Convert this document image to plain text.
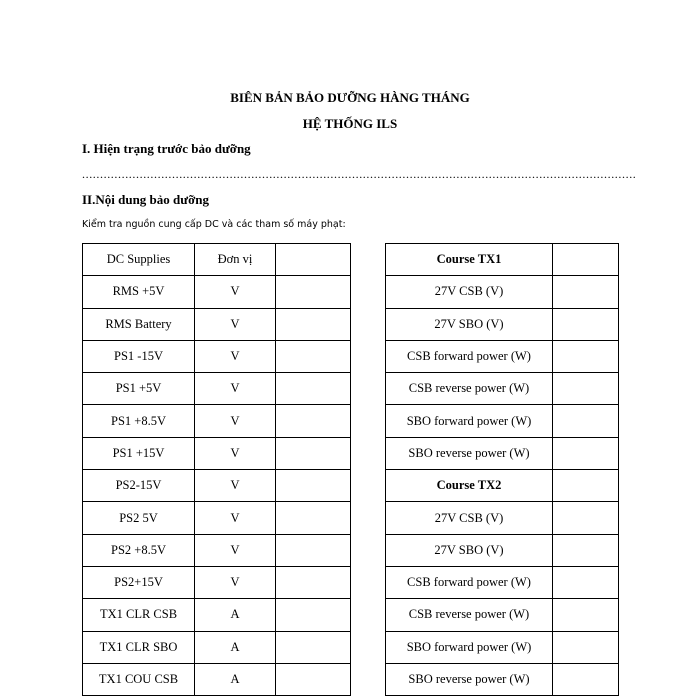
BIÊN BẢN BẢO DƯỠNG HÀNG THÁNG
HỆ THỐNG ILS
I. Hiện trạng trước bảo dưỡng
..........................................................................................................................................................
II.Nội dung bảo dưỡng
Kiểm tra nguồn cung cấp DC và các tham số máy phạt:
DC Supplies	Đơn vị	
RMS +5V	V	
RMS Battery	V	
PS1 -15V	V	
PS1 +5V	V	
PS1 +8.5V	V	
PS1 +15V	V	
PS2-15V	V	
PS2 5V	V	
PS2 +8.5V	V	
PS2+15V	V	
TX1 CLR CSB	A	
TX1 CLR SBO	A	
TX1 COU CSB	A	
Course TX1	
27V CSB (V)	
27V SBO (V)	
CSB forward power (W)	
CSB reverse power (W)	
SBO forward power (W)	
SBO reverse power (W)	
Course TX2	
27V CSB (V)	
27V SBO (V)	
CSB forward power (W)	
CSB reverse power (W)	
SBO forward power (W)	
SBO reverse power (W)	
